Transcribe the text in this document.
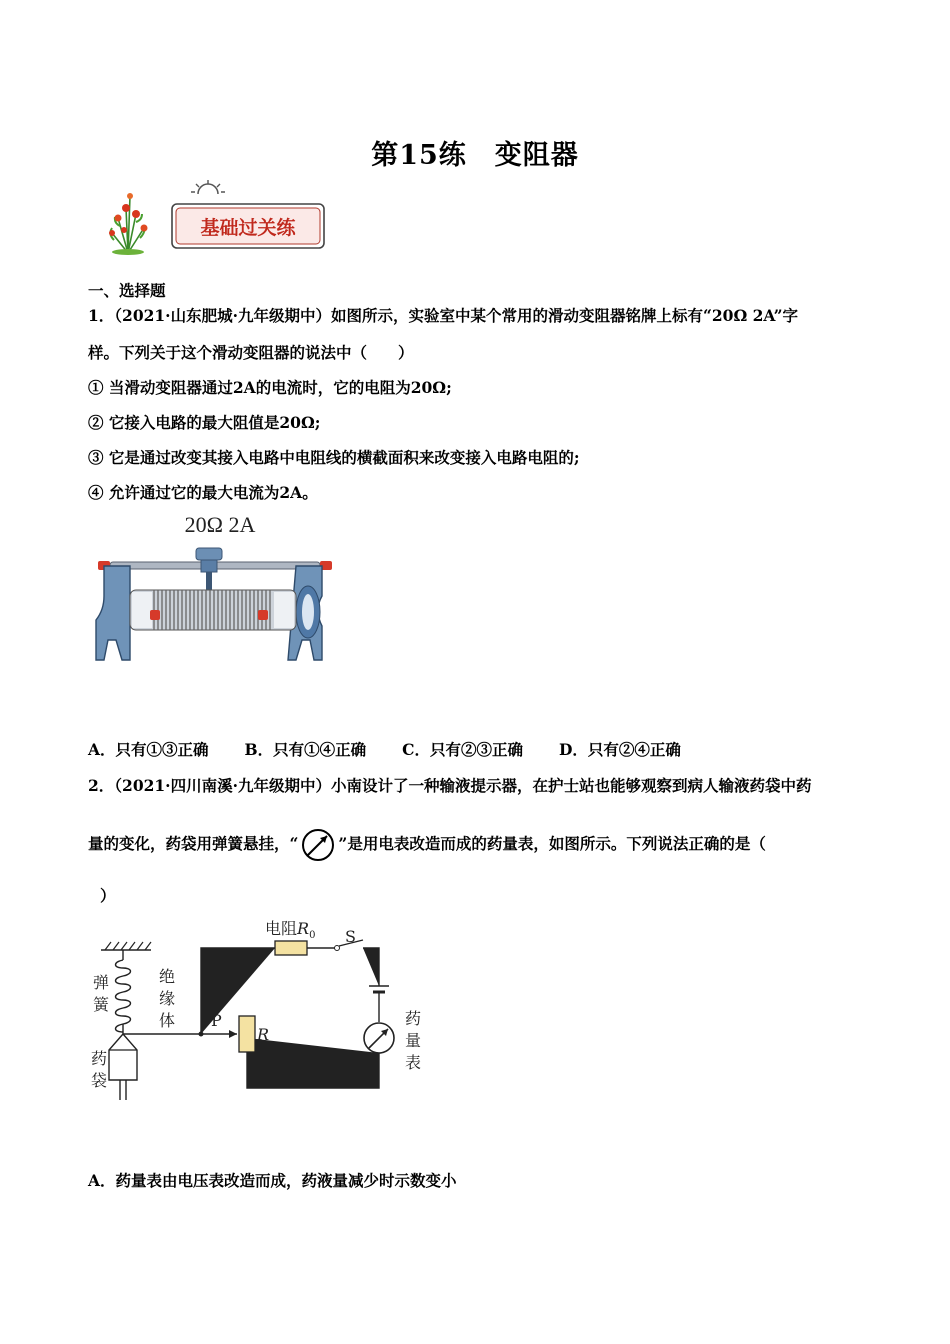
第15练　变阻器
基础过关练
一、选择题
1．（2021·山东肥城·九年级期中）如图所示，实验室中某个常用的滑动变阻器铭牌上标有“20Ω 2A”字
样。下列关于这个滑动变阻器的说法中（　　）
① 当滑动变阻器通过2A的电流时，它的电阻为20Ω;
② 它接入电路的最大阻值是20Ω;
③ 它是通过改变其接入电路中电阻线的横截面积来改变接入电路电阻的;
④ 允许通过它的最大电流为2A。
20Ω 2A
A．只有①③正确 B．只有①④正确 C．只有②③正确 D．只有②④正确
2．（2021·四川南溪·九年级期中）小南设计了一种输液提示器，在护士站也能够观察到病人输液药袋中药
量的变化，药袋用弹簧悬挂，“	”是用电表改造而成的药量表，如图所示。下列说法正确的是（
）
弹
簧
绝
缘
体
药
袋
P
R
电阻$R_0$ S
药
量
表
A．药量表由电压表改造而成，药液量减少时示数变小
